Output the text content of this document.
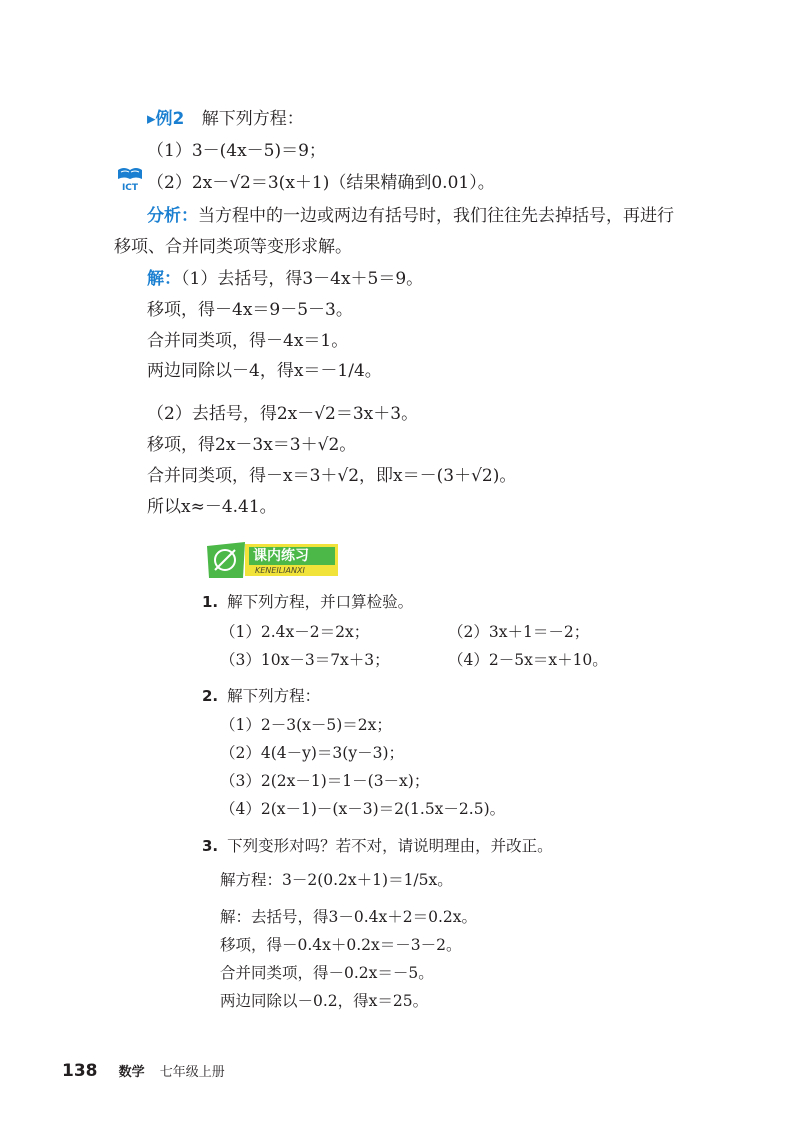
▸例2 解下列方程：
（1）3－(4x－5)＝9；
ICT （2）2x－√2＝3(x＋1)（结果精确到0.01）。
分析：当方程中的一边或两边有括号时，我们往往先去掉括号，再进行
移项、合并同类项等变形求解。
解：（1）去括号，得3－4x＋5＝9。
移项，得－4x＝9－5－3。
合并同类项，得－4x＝1。
两边同除以－4，得x＝－1/4。
（2）去括号，得2x－√2＝3x＋3。
移项，得2x－3x＝3＋√2。
合并同类项，得－x＝3＋√2，即x＝－(3＋√2)。
所以x≈－4.41。
课内练习
KENEILIANXI
1. 解下列方程，并口算检验。
（1）2.4x－2＝2x；	（2）3x＋1＝－2；
（3）10x－3＝7x＋3；	（4）2－5x＝x＋10。
2. 解下列方程：
（1）2－3(x－5)＝2x；
（2）4(4－y)＝3(y－3)；
（3）2(2x－1)＝1－(3－x)；
（4）2(x－1)－(x－3)＝2(1.5x－2.5)。
3. 下列变形对吗？若不对，请说明理由，并改正。
解方程：3－2(0.2x＋1)＝1/5x。
解：去括号，得3－0.4x＋2＝0.2x。
移项，得－0.4x＋0.2x＝－3－2。
合并同类项，得－0.2x＝－5。
两边同除以－0.2，得x＝25。
138 数学 七年级上册
